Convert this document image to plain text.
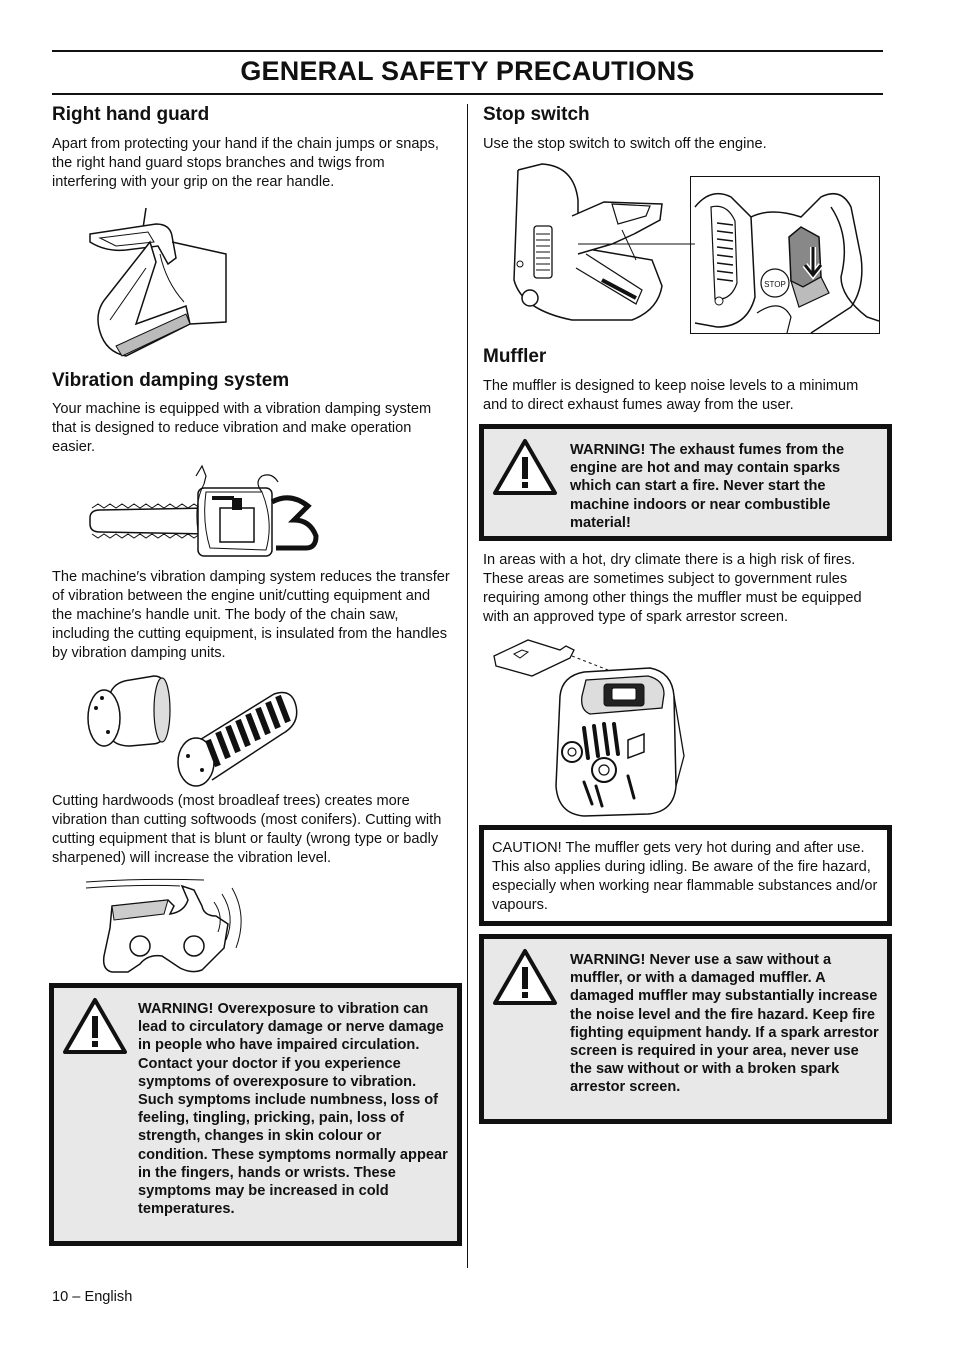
GENERAL SAFETY PRECAUTIONS
Right hand guard

Apart from protecting your hand if the chain jumps or snaps, the right hand guard stops branches and twigs from interfering with your grip on the rear handle.

Vibration damping system

Your machine is equipped with a vibration damping system that is designed to reduce vibration and make operation easier.

The machine′s vibration damping system reduces the transfer of vibration between the engine unit/cutting equipment and the machine′s handle unit. The body of the chain saw, including the cutting equipment, is insulated from the handles by vibration damping units.

Cutting hardwoods (most broadleaf trees) creates more vibration than cutting softwoods (most conifers). Cutting with cutting equipment that is blunt or faulty (wrong type or badly sharpened) will increase the vibration level.

WARNING! Overexposure to vibration can lead to circulatory damage or nerve damage in people who have impaired circulation. Contact your doctor if you experience symptoms of overexposure to vibration. Such symptoms include numbness, loss of feeling, tingling, pricking, pain, loss of strength, changes in skin colour or condition. These symptoms normally appear in the fingers, hands or wrists. These symptoms may be increased in cold temperatures.

Stop switch

Use the stop switch to switch off the engine.

STOP
Muffler

The muffler is designed to keep noise levels to a minimum and to direct exhaust fumes away from the user.

WARNING! The exhaust fumes from the engine are hot and may contain sparks which can start a fire. Never start the machine indoors or near combustible material!

In areas with a hot, dry climate there is a high risk of fires. These areas are sometimes subject to government rules requiring among other things the muffler must be equipped with an approved type of spark arrestor screen.

CAUTION! The muffler gets very hot during and after use. This also applies during idling. Be aware of the fire hazard, especially when working near flammable substances and/or vapours.

WARNING! Never use a saw without a muffler, or with a damaged muffler. A damaged muffler may substantially increase the noise level and the fire hazard. Keep fire fighting equipment handy. If a spark arrestor screen is required in your area, never use the saw without or with a broken spark arrestor screen.

10 – English
